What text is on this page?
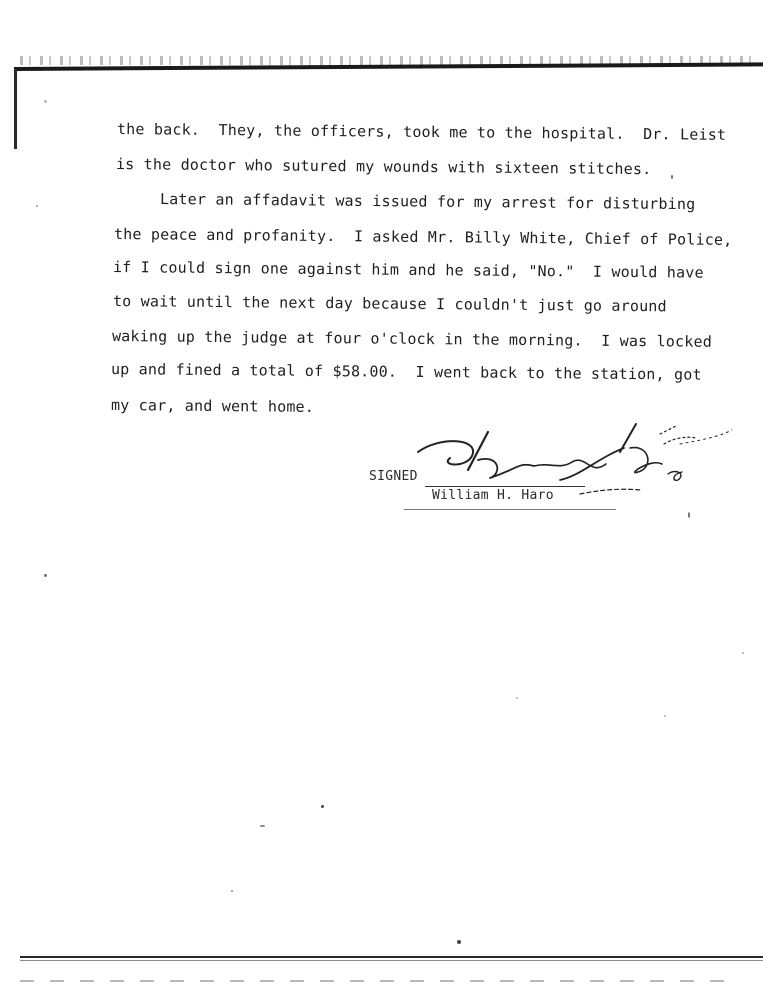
the back.  They, the officers, took me to the hospital.  Dr. Leist
is the doctor who sutured my wounds with sixteen stitches.
Later an affadavit was issued for my arrest for disturbing
the peace and profanity.  I asked Mr. Billy White, Chief of Police,
if I could sign one against him and he said, "No."  I would have
to wait until the next day because I couldn't just go around
waking up the judge at four o'clock in the morning.  I was locked
up and fined a total of $58.00.  I went back to the station, got
my car, and went home.
SIGNED
William H. Haro
